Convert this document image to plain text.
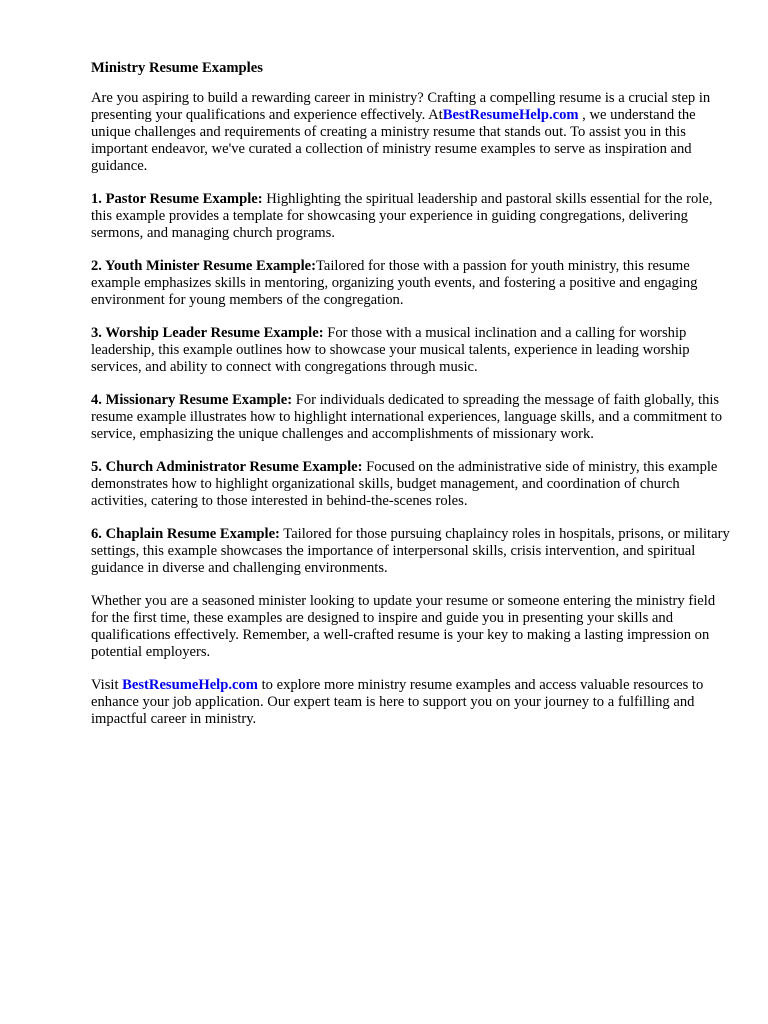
Ministry Resume Examples

Are you aspiring to build a rewarding career in ministry? Crafting a compelling resume is a crucial step in presenting your qualifications and experience effectively. AtBestResumeHelp.com , we understand the unique challenges and requirements of creating a ministry resume that stands out. To assist you in this important endeavor, we've curated a collection of ministry resume examples to serve as inspiration and guidance.

1. Pastor Resume Example: Highlighting the spiritual leadership and pastoral skills essential for the role, this example provides a template for showcasing your experience in guiding congregations, delivering sermons, and managing church programs.

2. Youth Minister Resume Example:Tailored for those with a passion for youth ministry, this resume example emphasizes skills in mentoring, organizing youth events, and fostering a positive and engaging environment for young members of the congregation.

3. Worship Leader Resume Example: For those with a musical inclination and a calling for worship leadership, this example outlines how to showcase your musical talents, experience in leading worship services, and ability to connect with congregations through music.

4. Missionary Resume Example: For individuals dedicated to spreading the message of faith globally, this resume example illustrates how to highlight international experiences, language skills, and a commitment to service, emphasizing the unique challenges and accomplishments of missionary work.

5. Church Administrator Resume Example: Focused on the administrative side of ministry, this example demonstrates how to highlight organizational skills, budget management, and coordination of church activities, catering to those interested in behind-the-scenes roles.

6. Chaplain Resume Example: Tailored for those pursuing chaplaincy roles in hospitals, prisons, or military settings, this example showcases the importance of interpersonal skills, crisis intervention, and spiritual guidance in diverse and challenging environments.

Whether you are a seasoned minister looking to update your resume or someone entering the ministry field for the first time, these examples are designed to inspire and guide you in presenting your skills and qualifications effectively. Remember, a well-crafted resume is your key to making a lasting impression on potential employers.

Visit BestResumeHelp.com to explore more ministry resume examples and access valuable resources to enhance your job application. Our expert team is here to support you on your journey to a fulfilling and impactful career in ministry.
